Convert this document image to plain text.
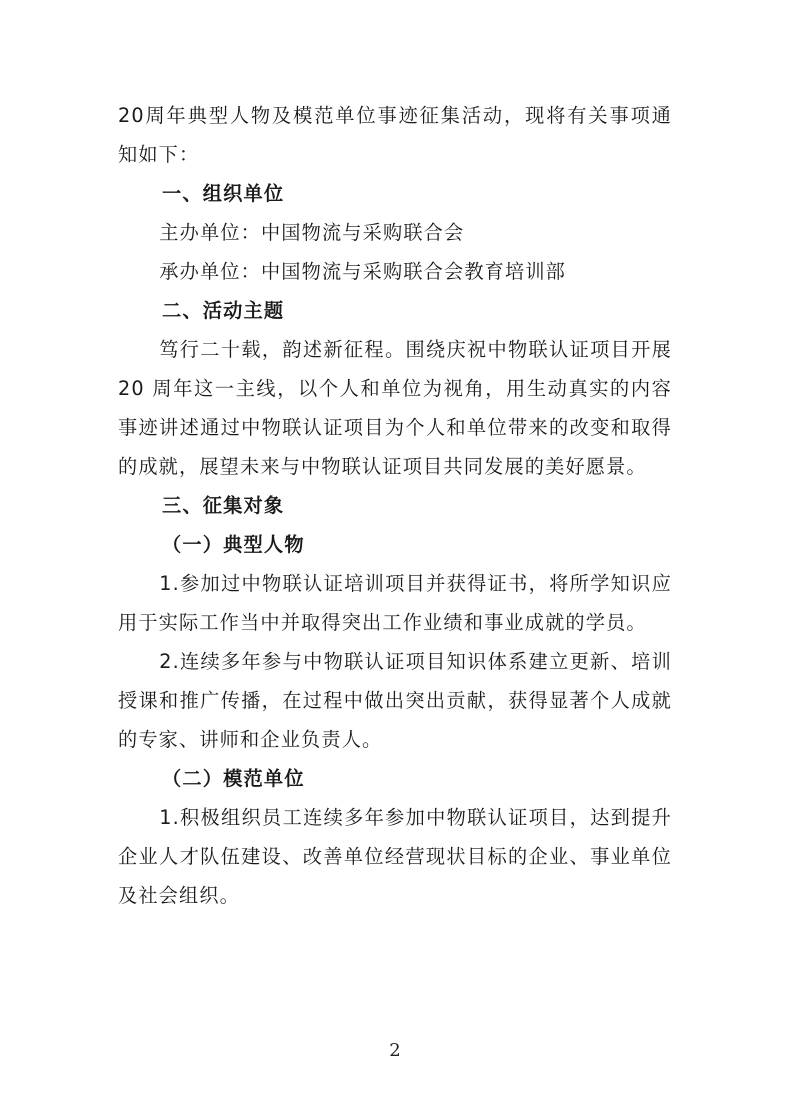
20周年典型人物及模范单位事迹征集活动，现将有关事项通知如下：

一、组织单位

主办单位：中国物流与采购联合会

承办单位：中国物流与采购联合会教育培训部

二、活动主题

笃行二十载，韵述新征程。围绕庆祝中物联认证项目开展 20 周年这一主线，以个人和单位为视角，用生动真实的内容事迹讲述通过中物联认证项目为个人和单位带来的改变和取得的成就，展望未来与中物联认证项目共同发展的美好愿景。

三、征集对象

（一）典型人物

1.参加过中物联认证培训项目并获得证书，将所学知识应用于实际工作当中并取得突出工作业绩和事业成就的学员。

2.连续多年参与中物联认证项目知识体系建立更新、培训授课和推广传播，在过程中做出突出贡献，获得显著个人成就的专家、讲师和企业负责人。

（二）模范单位

1.积极组织员工连续多年参加中物联认证项目，达到提升企业人才队伍建设、改善单位经营现状目标的企业、事业单位及社会组织。

2
